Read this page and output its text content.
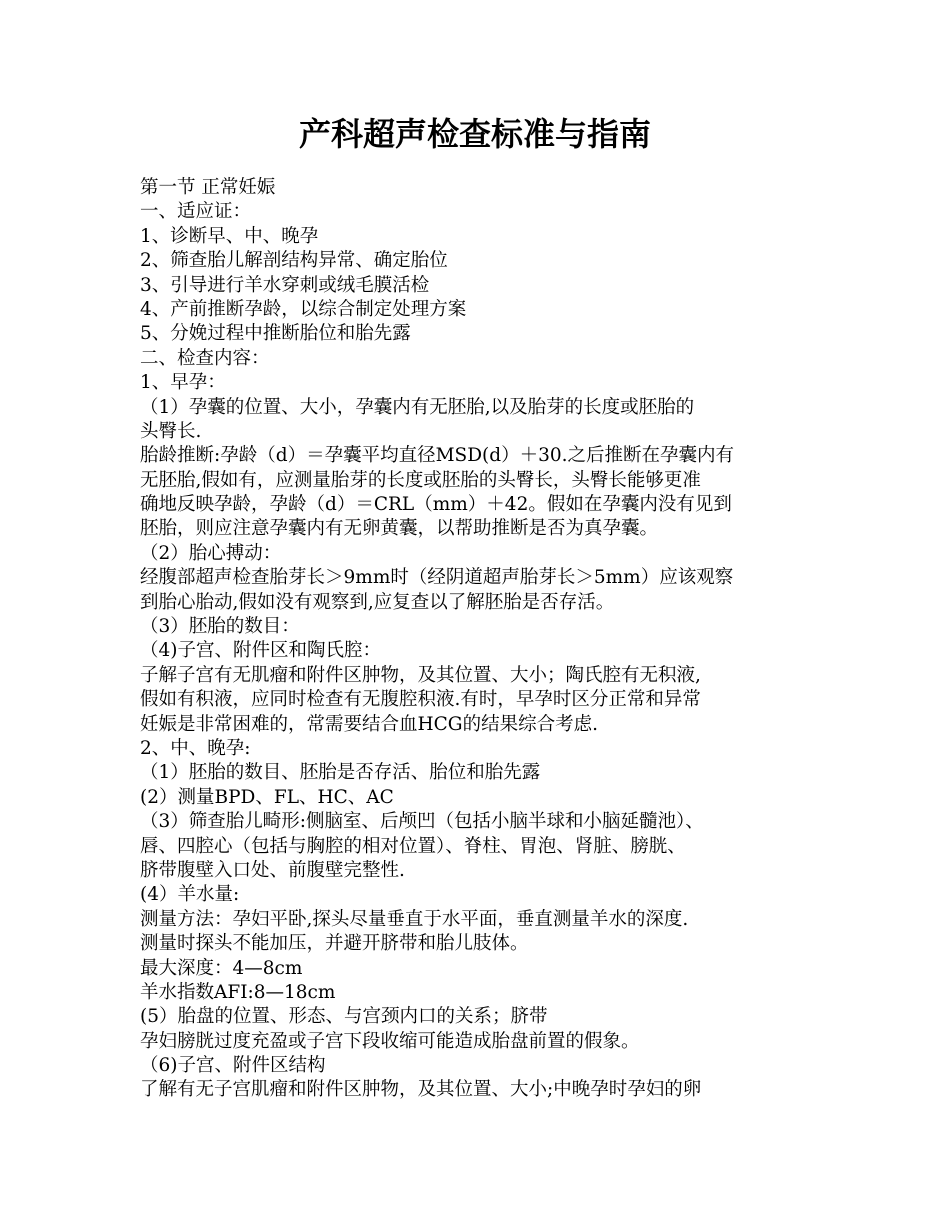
产科超声检查标准与指南
第一节 正常妊娠
一、适应证：
1、诊断早、中、晚孕
2、筛查胎儿解剖结构异常、确定胎位
3、引导进行羊水穿刺或绒毛膜活检
4、产前推断孕龄，以综合制定处理方案
5、分娩过程中推断胎位和胎先露
二、检查内容：
1、早孕：
（1）孕囊的位置、大小，孕囊内有无胚胎,以及胎芽的长度或胚胎的
头臀长.
胎龄推断:孕龄（d）＝孕囊平均直径MSD(d）＋30.之后推断在孕囊内有
无胚胎,假如有，应测量胎芽的长度或胚胎的头臀长，头臀长能够更准
确地反映孕龄，孕龄（d）＝CRL（mm）＋42。假如在孕囊内没有见到
胚胎，则应注意孕囊内有无卵黄囊，以帮助推断是否为真孕囊。
（2）胎心搏动：
经腹部超声检查胎芽长＞9mm时（经阴道超声胎芽长＞5mm）应该观察
到胎心胎动,假如没有观察到,应复查以了解胚胎是否存活。
（3）胚胎的数目：
（4)子宫、附件区和陶氏腔：
子解子宫有无肌瘤和附件区肿物，及其位置、大小；陶氏腔有无积液,
假如有积液，应同时检查有无腹腔积液.有时，早孕时区分正常和异常
妊娠是非常困难的，常需要结合血HCG的结果综合考虑.
2、中、晚孕:
（1）胚胎的数目、胚胎是否存活、胎位和胎先露
(2）测量BPD、FL、HC、AC
（3）筛查胎儿畸形:侧脑室、后颅凹（包括小脑半球和小脑延髓池）、
唇、四腔心（包括与胸腔的相对位置）、脊柱、胃泡、肾脏、膀胱、
脐带腹壁入口处、前腹壁完整性.
(4）羊水量:
测量方法：孕妇平卧,探头尽量垂直于水平面，垂直测量羊水的深度.
测量时探头不能加压，并避开脐带和胎儿肢体。
最大深度：4—8cm
羊水指数AFI:8—18cm
(5）胎盘的位置、形态、与宫颈内口的关系；脐带
孕妇膀胱过度充盈或子宫下段收缩可能造成胎盘前置的假象。
（6)子宫、附件区结构
了解有无子宫肌瘤和附件区肿物，及其位置、大小;中晚孕时孕妇的卵
